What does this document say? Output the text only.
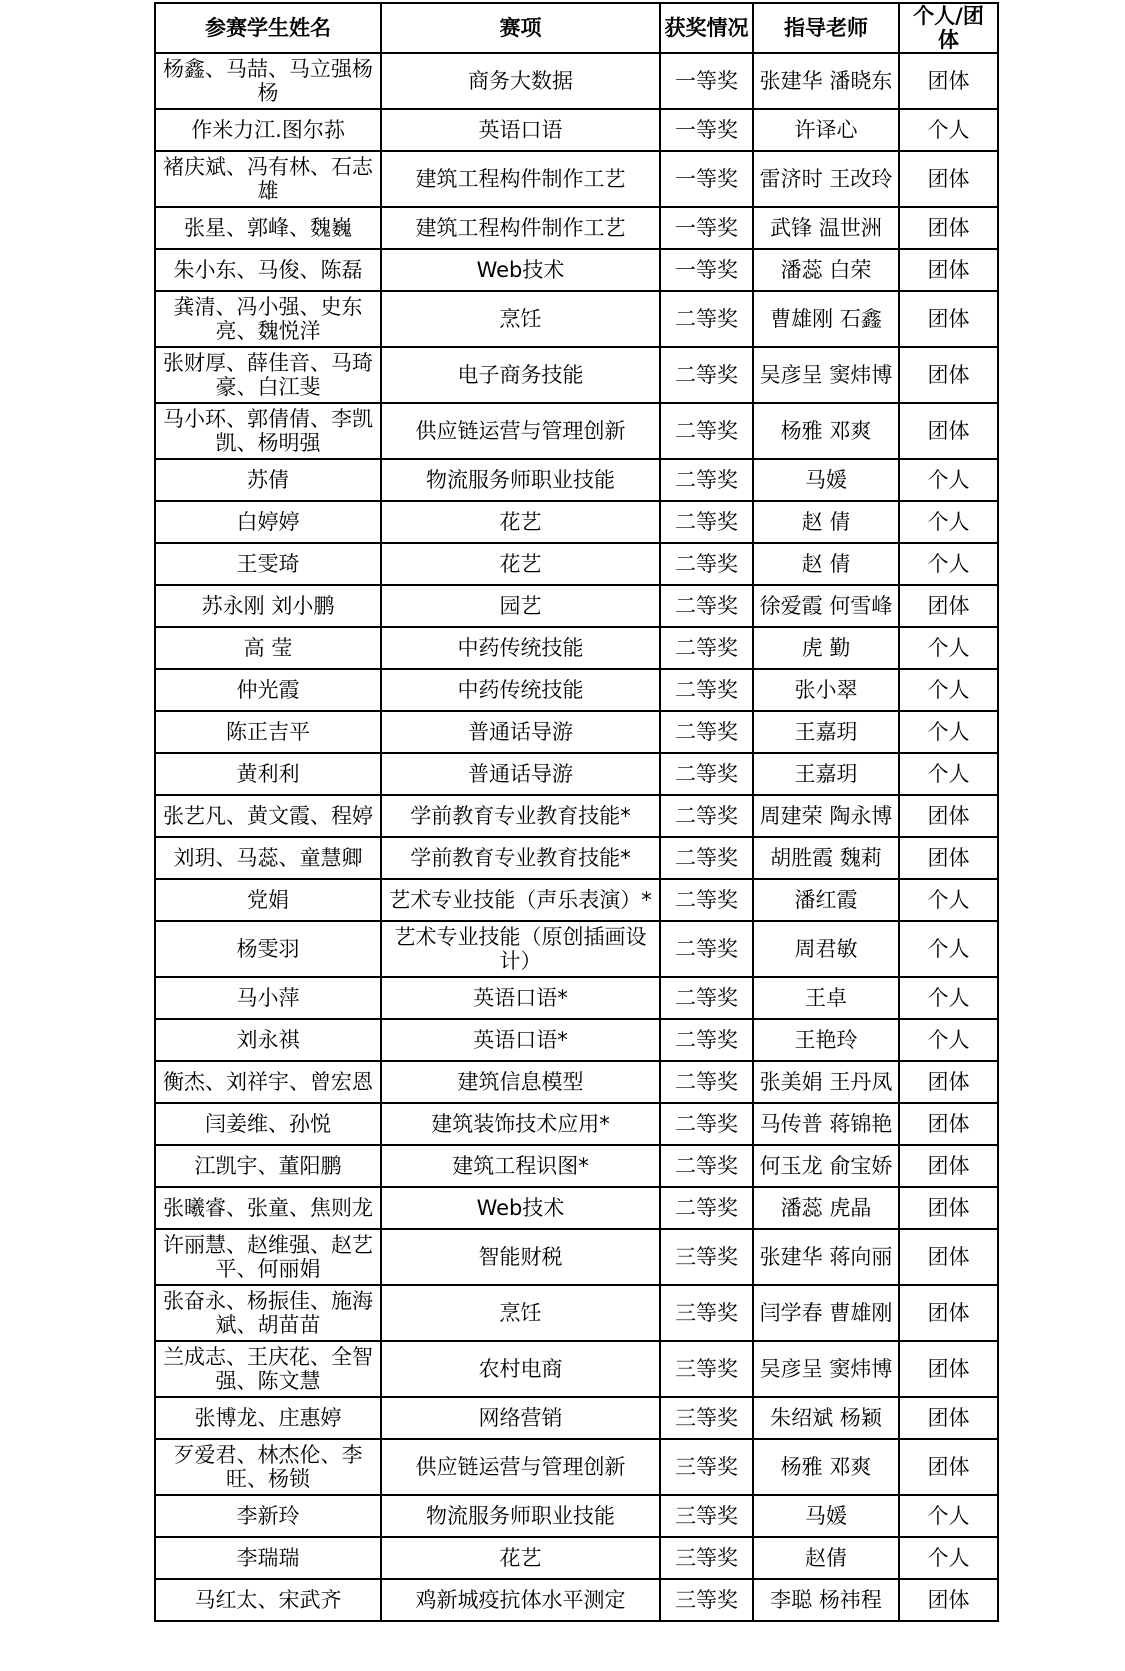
参赛学生姓名	赛项	获奖情况	指导老师	个人/团体
杨鑫、马喆、马立强杨杨	商务大数据	一等奖	张建华 潘晓东	团体
作米力江.图尔荪	英语口语	一等奖	许译心	个人
褚庆斌、冯有林、石志雄	建筑工程构件制作工艺	一等奖	雷济时 王改玲	团体
张星、郭峰、魏巍	建筑工程构件制作工艺	一等奖	武锋 温世洲	团体
朱小东、马俊、陈磊	Web技术	一等奖	潘蕊 白荣	团体
龚清、冯小强、史东亮、魏悦洋	烹饪	二等奖	曹雄刚 石鑫	团体
张财厚、薛佳音、马琦豪、白江斐	电子商务技能	二等奖	吴彦呈 窦炜博	团体
马小环、郭倩倩、李凯凯、杨明强	供应链运营与管理创新	二等奖	杨雅 邓爽	团体
苏倩	物流服务师职业技能	二等奖	马媛	个人
白婷婷	花艺	二等奖	赵 倩	个人
王雯琦	花艺	二等奖	赵 倩	个人
苏永刚 刘小鹏	园艺	二等奖	徐爱霞 何雪峰	团体
高 莹	中药传统技能	二等奖	虎 勤	个人
仲光霞	中药传统技能	二等奖	张小翠	个人
陈正吉平	普通话导游	二等奖	王嘉玥	个人
黄利利	普通话导游	二等奖	王嘉玥	个人
张艺凡、黄文霞、程婷	学前教育专业教育技能*	二等奖	周建荣 陶永博	团体
刘玥、马蕊、童慧卿	学前教育专业教育技能*	二等奖	胡胜霞 魏莉	团体
党娟	艺术专业技能（声乐表演）*	二等奖	潘红霞	个人
杨雯羽	艺术专业技能（原创插画设计）	二等奖	周君敏	个人
马小萍	英语口语*	二等奖	王卓	个人
刘永祺	英语口语*	二等奖	王艳玲	个人
衡杰、刘祥宇、曾宏恩	建筑信息模型	二等奖	张美娟 王丹凤	团体
闫姜维、孙悦	建筑装饰技术应用*	二等奖	马传普 蒋锦艳	团体
江凯宇、董阳鹏	建筑工程识图*	二等奖	何玉龙 俞宝娇	团体
张曦睿、张童、焦则龙	Web技术	二等奖	潘蕊 虎晶	团体
许丽慧、赵维强、赵艺平、何丽娟	智能财税	三等奖	张建华 蒋向丽	团体
张奋永、杨振佳、施海斌、胡苗苗	烹饪	三等奖	闫学春 曹雄刚	团体
兰成志、王庆花、全智强、陈文慧	农村电商	三等奖	吴彦呈 窦炜博	团体
张博龙、庄惠婷	网络营销	三等奖	朱绍斌 杨颖	团体
歹爱君、林杰伦、李旺、杨锁	供应链运营与管理创新	三等奖	杨雅 邓爽	团体
李新玲	物流服务师职业技能	三等奖	马媛	个人
李瑞瑞	花艺	三等奖	赵倩	个人
马红太、宋武齐	鸡新城疫抗体水平测定	三等奖	李聪 杨祎程	团体
